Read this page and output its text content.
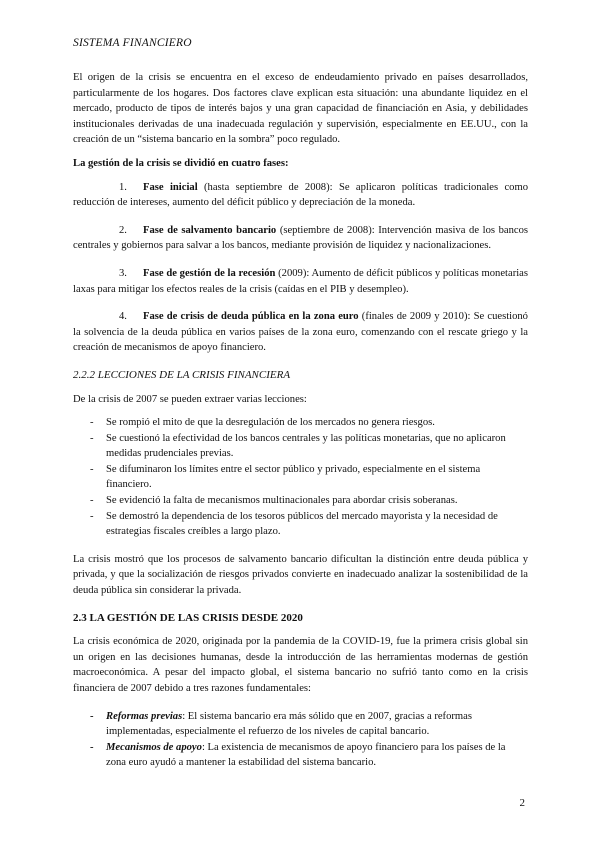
SISTEMA FINANCIERO

El origen de la crisis se encuentra en el exceso de endeudamiento privado en países desarrollados, particularmente de los hogares. Dos factores clave explican esta situación: una abundante liquidez en el mercado, producto de tipos de interés bajos y una gran capacidad de financiación en Asia, y debilidades institucionales derivadas de una inadecuada regulación y supervisión, especialmente en EE.UU., con la creación de un “sistema bancario en la sombra” poco regulado.

La gestión de la crisis se dividió en cuatro fases:

1. Fase inicial (hasta septiembre de 2008): Se aplicaron políticas tradicionales como reducción de intereses, aumento del déficit público y depreciación de la moneda.

2. Fase de salvamento bancario (septiembre de 2008): Intervención masiva de los bancos centrales y gobiernos para salvar a los bancos, mediante provisión de liquidez y nacionalizaciones.

3. Fase de gestión de la recesión (2009): Aumento de déficit públicos y políticas monetarias laxas para mitigar los efectos reales de la crisis (caídas en el PIB y desempleo).

4. Fase de crisis de deuda pública en la zona euro (finales de 2009 y 2010): Se cuestionó la solvencia de la deuda pública en varios países de la zona euro, comenzando con el rescate griego y la creación de mecanismos de apoyo financiero.

2.2.2 LECCIONES DE LA CRISIS FINANCIERA

De la crisis de 2007 se pueden extraer varias lecciones:

- Se rompió el mito de que la desregulación de los mercados no genera riesgos.
- Se cuestionó la efectividad de los bancos centrales y las políticas monetarias, que no aplicaron medidas prudenciales previas.
- Se difuminaron los límites entre el sector público y privado, especialmente en el sistema financiero.
- Se evidenció la falta de mecanismos multinacionales para abordar crisis soberanas.
- Se demostró la dependencia de los tesoros públicos del mercado mayorista y la necesidad de estrategias fiscales creíbles a largo plazo.

La crisis mostró que los procesos de salvamento bancario dificultan la distinción entre deuda pública y privada, y que la socialización de riesgos privados convierte en inadecuado analizar la sostenibilidad de la deuda pública sin considerar la privada.

2.3 LA GESTIÓN DE LAS CRISIS DESDE 2020

La crisis económica de 2020, originada por la pandemia de la COVID-19, fue la primera crisis global sin un origen en las decisiones humanas, desde la introducción de las herramientas modernas de gestión macroeconómica. A pesar del impacto global, el sistema bancario no sufrió tanto como en la crisis financiera de 2007 debido a tres razones fundamentales:

- Reformas previas: El sistema bancario era más sólido que en 2007, gracias a reformas implementadas, especialmente el refuerzo de los niveles de capital bancario.
- Mecanismos de apoyo: La existencia de mecanismos de apoyo financiero para los países de la zona euro ayudó a mantener la estabilidad del sistema bancario.
2
